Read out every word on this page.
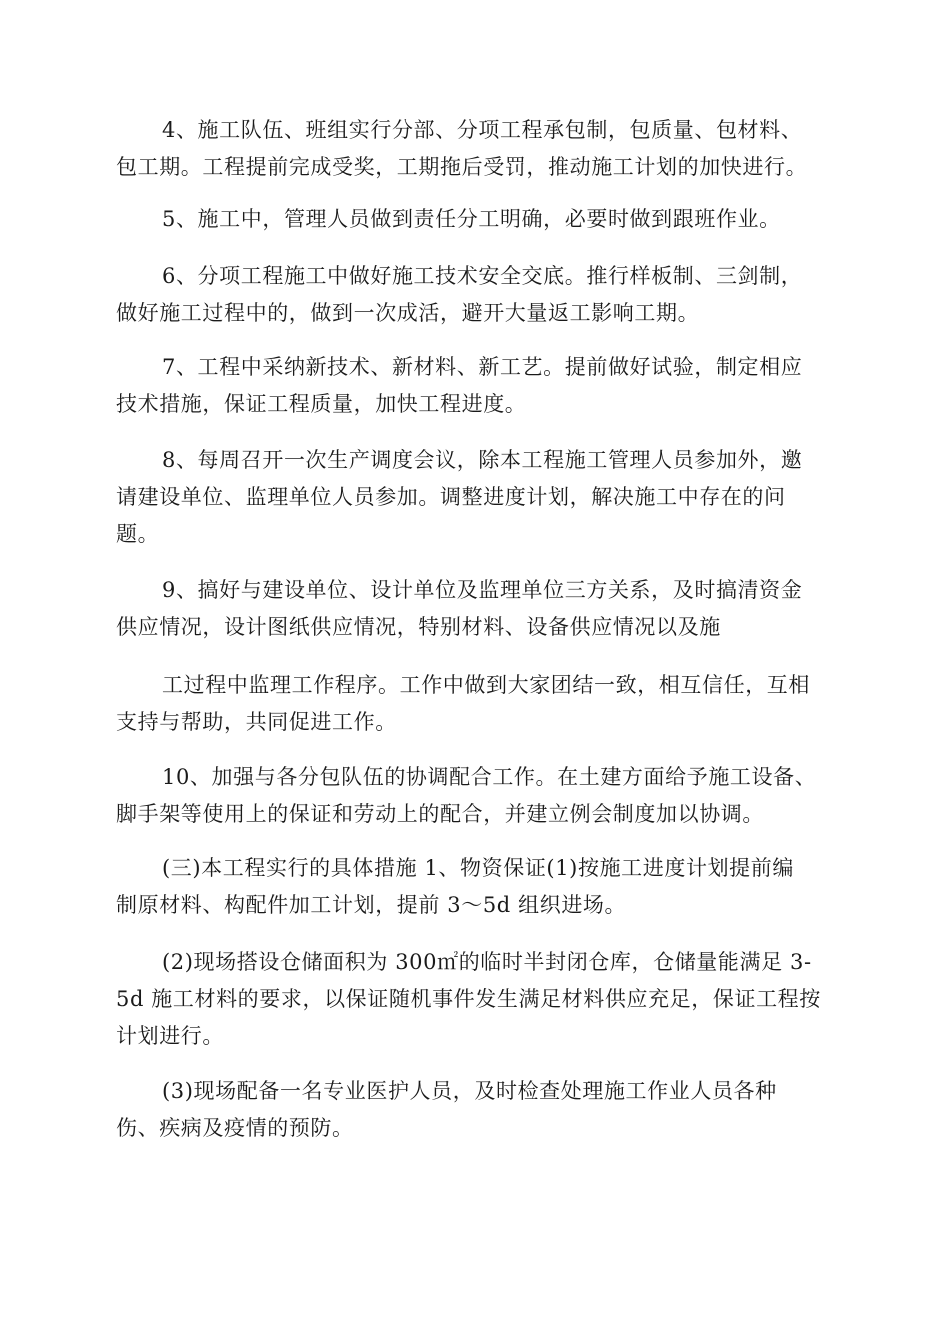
4、施工队伍、班组实行分部、分项工程承包制，包质量、包材料、
包工期。工程提前完成受奖，工期拖后受罚，推动施工计划的加快进行。

5、施工中，管理人员做到责任分工明确，必要时做到跟班作业。

6、分项工程施工中做好施工技术安全交底。推行样板制、三剑制，
做好施工过程中的，做到一次成活，避开大量返工影响工期。

7、工程中采纳新技术、新材料、新工艺。提前做好试验，制定相应
技术措施，保证工程质量，加快工程进度。

8、每周召开一次生产调度会议，除本工程施工管理人员参加外，邀
请建设单位、监理单位人员参加。调整进度计划，解决施工中存在的问
题。

9、搞好与建设单位、设计单位及监理单位三方关系，及时搞清资金
供应情况，设计图纸供应情况，特别材料、设备供应情况以及施

工过程中监理工作程序。工作中做到大家团结一致，相互信任，互相
支持与帮助，共同促进工作。

10、加强与各分包队伍的协调配合工作。在土建方面给予施工设备、
脚手架等使用上的保证和劳动上的配合，并建立例会制度加以协调。

(三)本工程实行的具体措施 1、物资保证(1)按施工进度计划提前编
制原材料、构配件加工计划，提前 3～5d 组织进场。

(2)现场搭设仓储面积为 300㎡的临时半封闭仓库，仓储量能满足 3-
5d 施工材料的要求，以保证随机事件发生满足材料供应充足，保证工程按
计划进行。

(3)现场配备一名专业医护人员，及时检查处理施工作业人员各种
伤、疾病及疫情的预防。
